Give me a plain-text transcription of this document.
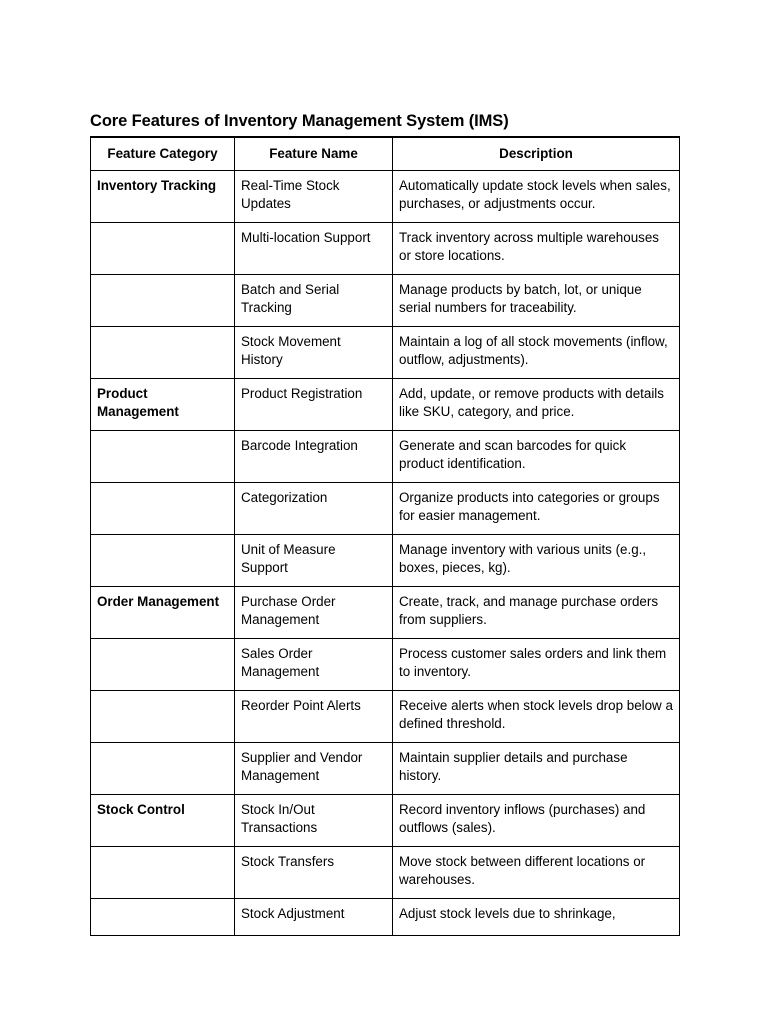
Core Features of Inventory Management System (IMS)
Feature Category	Feature Name	Description
Inventory Tracking	Real-Time Stock Updates	Automatically update stock levels when sales, purchases, or adjustments occur.
	Multi-location Support	Track inventory across multiple warehouses or store locations.
	Batch and Serial Tracking	Manage products by batch, lot, or unique serial numbers for traceability.
	Stock Movement History	Maintain a log of all stock movements (inflow, outflow, adjustments).
Product Management	Product Registration	Add, update, or remove products with details like SKU, category, and price.
	Barcode Integration	Generate and scan barcodes for quick product identification.
	Categorization	Organize products into categories or groups for easier management.
	Unit of Measure Support	Manage inventory with various units (e.g., boxes, pieces, kg).
Order Management	Purchase Order Management	Create, track, and manage purchase orders from suppliers.
	Sales Order Management	Process customer sales orders and link them to inventory.
	Reorder Point Alerts	Receive alerts when stock levels drop below a defined threshold.
	Supplier and Vendor Management	Maintain supplier details and purchase history.
Stock Control	Stock In/Out Transactions	Record inventory inflows (purchases) and outflows (sales).
	Stock Transfers	Move stock between different locations or warehouses.
	Stock Adjustment	Adjust stock levels due to shrinkage,
